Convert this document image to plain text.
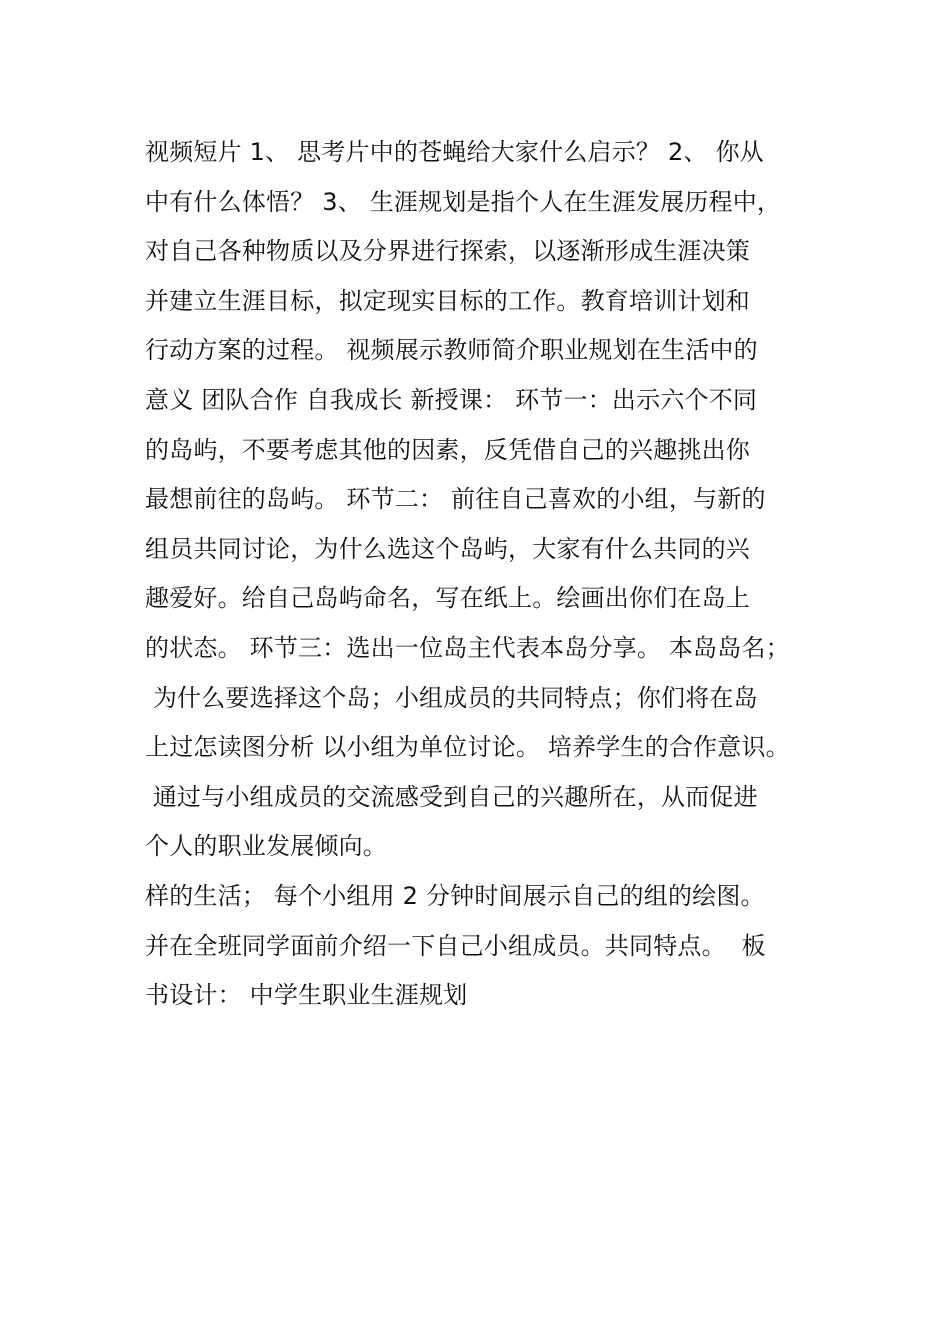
视频短片 1、 思考片中的苍蝇给大家什么启示？ 2、 你从
中有什么体悟？ 3、 生涯规划是指个人在生涯发展历程中，
对自己各种物质以及分界进行探索，以逐渐形成生涯决策
并建立生涯目标，拟定现实目标的工作。教育培训计划和
行动方案的过程。 视频展示教师简介职业规划在生活中的
意义 团队合作 自我成长 新授课： 环节一：出示六个不同
的岛屿，不要考虑其他的因素，反凭借自己的兴趣挑出你
最想前往的岛屿。 环节二： 前往自己喜欢的小组，与新的
组员共同讨论，为什么选这个岛屿，大家有什么共同的兴
趣爱好。给自己岛屿命名，写在纸上。绘画出你们在岛上
的状态。 环节三：选出一位岛主代表本岛分享。 本岛岛名；
为什么要选择这个岛；小组成员的共同特点；你们将在岛
上过怎读图分析 以小组为单位讨论。 培养学生的合作意识。
通过与小组成员的交流感受到自己的兴趣所在，从而促进
个人的职业发展倾向。
样的生活； 每个小组用 2 分钟时间展示自己的组的绘图。
并在全班同学面前介绍一下自己小组成员。共同特点。  板
书设计： 中学生职业生涯规划
